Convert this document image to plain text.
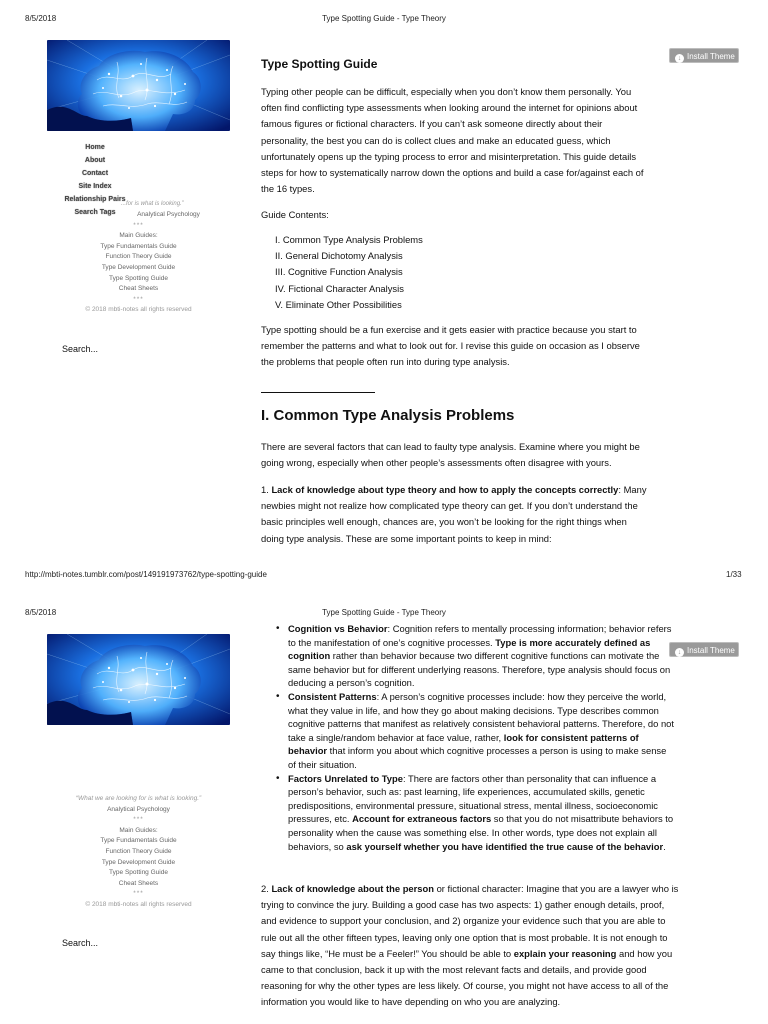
8/5/2018	Type Spotting Guide - Type Theory
↓ Install Theme
Home
About
Contact
Site Index
Relationship Pairs
Search Tags
...for is what is looking.”
Analytical Psychology
***
Main Guides:
Type Fundamentals Guide
Function Theory Guide
Type Development Guide
Type Spotting Guide
Cheat Sheets
***
© 2018 mbti-notes all rights reserved
Search...
Type Spotting Guide

Typing other people can be difficult, especially when you don’t know them personally. You

often find conflicting type assessments when looking around the internet for opinions about

famous figures or fictional characters. If you can’t ask someone directly about their

personality, the best you can do is collect clues and make an educated guess, which

unfortunately opens up the typing process to error and misinterpretation. This guide details

steps for how to systematically narrow down the options and build a case for/against each of

the 16 types.

Guide Contents:
I. Common Type Analysis Problems
II. General Dichotomy Analysis
III. Cognitive Function Analysis
IV. Fictional Character Analysis
V. Eliminate Other Possibilities

Type spotting should be a fun exercise and it gets easier with practice because you start to

remember the patterns and what to look out for. I revise this guide on occasion as I observe

the problems that people often run into during type analysis.

I. Common Type Analysis Problems

There are several factors that can lead to faulty type analysis. Examine where you might be

going wrong, especially when other people’s assessments often disagree with yours.

1. Lack of knowledge about type theory and how to apply the concepts correctly: Many

newbies might not realize how complicated type theory can get. If you don’t understand the

basic principles well enough, chances are, you won’t be looking for the right things when

doing type analysis. These are some important points to keep in mind:

http://mbti-notes.tumblr.com/post/149191973762/type-spotting-guide	1/33
8/5/2018	Type Spotting Guide - Type Theory
↓ Install Theme
“What we are looking for is what is looking.”
Analytical Psychology
***
Main Guides:
Type Fundamentals Guide
Function Theory Guide
Type Development Guide
Type Spotting Guide
Cheat Sheets
***
© 2018 mbti-notes all rights reserved
Search...
• Cognition vs Behavior: Cognition refers to mentally processing information; behavior refers to the manifestation of one’s cognitive processes. Type is more accurately defined as cognition rather than behavior because two different cognitive functions can motivate the same behavior but for different underlying reasons. Therefore, type analysis should focus on deducing a person’s cognition.
• Consistent Patterns: A person’s cognitive processes include: how they perceive the world, what they value in life, and how they go about making decisions. Type describes common cognitive patterns that manifest as relatively consistent behavioral patterns. Therefore, do not take a single/random behavior at face value, rather, look for consistent patterns of behavior that inform you about which cognitive processes a person is using to make sense of their situation.
• Factors Unrelated to Type: There are factors other than personality that can influence a person’s behavior, such as: past learning, life experiences, accumulated skills, genetic predispositions, environmental pressure, situational stress, mental illness, socioeconomic pressures, etc. Account for extraneous factors so that you do not misattribute behaviors to personality when the cause was something else. In other words, type does not explain all behaviors, so ask yourself whether you have identified the true cause of the behavior.
2. Lack of knowledge about the person or fictional character: Imagine that you are a lawyer who is trying to convince the jury. Building a good case has two aspects: 1) gather enough details, proof, and evidence to support your conclusion, and 2) organize your evidence such that you are able to rule out all the other fifteen types, leaving only one option that is most probable. It is not enough to say things like, “He must be a Feeler!” You should be able to explain your reasoning and how you came to that conclusion, back it up with the most relevant facts and details, and provide good reasoning for why the other types are less likely. Of course, you might not have access to all of the information you would like to have depending on who you are analyzing.
